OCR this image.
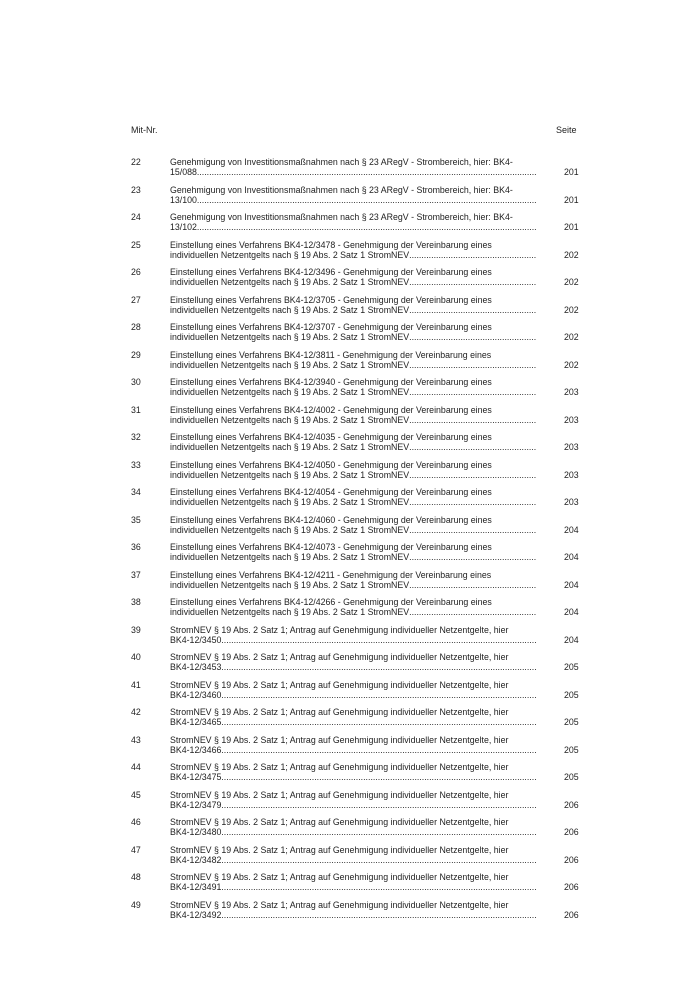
Mit-Nr.	Seite
22	Genehmigung von Investitionsmaßnahmen nach § 23 ARegV - Strombereich, hier: BK4-
15/088 .....	201
23	Genehmigung von Investitionsmaßnahmen nach § 23 ARegV - Strombereich, hier: BK4-
13/100 .....	201
24	Genehmigung von Investitionsmaßnahmen nach § 23 ARegV - Strombereich, hier: BK4-
13/102 .....	201
25	Einstellung eines Verfahrens BK4-12/3478 - Genehmigung der Vereinbarung eines
individuellen Netzentgelts nach § 19 Abs. 2 Satz 1 StromNEV .....	202
26	Einstellung eines Verfahrens BK4-12/3496 - Genehmigung der Vereinbarung eines
individuellen Netzentgelts nach § 19 Abs. 2 Satz 1 StromNEV .....	202
27	Einstellung eines Verfahrens BK4-12/3705 - Genehmigung der Vereinbarung eines
individuellen Netzentgelts nach § 19 Abs. 2 Satz 1 StromNEV .....	202
28	Einstellung eines Verfahrens BK4-12/3707 - Genehmigung der Vereinbarung eines
individuellen Netzentgelts nach § 19 Abs. 2 Satz 1 StromNEV .....	202
29	Einstellung eines Verfahrens BK4-12/3811 - Genehmigung der Vereinbarung eines
individuellen Netzentgelts nach § 19 Abs. 2 Satz 1 StromNEV .....	202
30	Einstellung eines Verfahrens BK4-12/3940 - Genehmigung der Vereinbarung eines
individuellen Netzentgelts nach § 19 Abs. 2 Satz 1 StromNEV .....	203
31	Einstellung eines Verfahrens BK4-12/4002 - Genehmigung der Vereinbarung eines
individuellen Netzentgelts nach § 19 Abs. 2 Satz 1 StromNEV .....	203
32	Einstellung eines Verfahrens BK4-12/4035 - Genehmigung der Vereinbarung eines
individuellen Netzentgelts nach § 19 Abs. 2 Satz 1 StromNEV .....	203
33	Einstellung eines Verfahrens BK4-12/4050 - Genehmigung der Vereinbarung eines
individuellen Netzentgelts nach § 19 Abs. 2 Satz 1 StromNEV .....	203
34	Einstellung eines Verfahrens BK4-12/4054 - Genehmigung der Vereinbarung eines
individuellen Netzentgelts nach § 19 Abs. 2 Satz 1 StromNEV .....	203
35	Einstellung eines Verfahrens BK4-12/4060 - Genehmigung der Vereinbarung eines
individuellen Netzentgelts nach § 19 Abs. 2 Satz 1 StromNEV .....	204
36	Einstellung eines Verfahrens BK4-12/4073 - Genehmigung der Vereinbarung eines
individuellen Netzentgelts nach § 19 Abs. 2 Satz 1 StromNEV .....	204
37	Einstellung eines Verfahrens BK4-12/4211 - Genehmigung der Vereinbarung eines
individuellen Netzentgelts nach § 19 Abs. 2 Satz 1 StromNEV .....	204
38	Einstellung eines Verfahrens BK4-12/4266 - Genehmigung der Vereinbarung eines
individuellen Netzentgelts nach § 19 Abs. 2 Satz 1 StromNEV .....	204
39	StromNEV § 19 Abs. 2 Satz 1; Antrag auf Genehmigung individueller Netzentgelte, hier
BK4-12/3450 .....	204
40	StromNEV § 19 Abs. 2 Satz 1; Antrag auf Genehmigung individueller Netzentgelte, hier
BK4-12/3453 .....	205
41	StromNEV § 19 Abs. 2 Satz 1; Antrag auf Genehmigung individueller Netzentgelte, hier
BK4-12/3460 .....	205
42	StromNEV § 19 Abs. 2 Satz 1; Antrag auf Genehmigung individueller Netzentgelte, hier
BK4-12/3465 .....	205
43	StromNEV § 19 Abs. 2 Satz 1; Antrag auf Genehmigung individueller Netzentgelte, hier
BK4-12/3466 .....	205
44	StromNEV § 19 Abs. 2 Satz 1; Antrag auf Genehmigung individueller Netzentgelte, hier
BK4-12/3475 .....	205
45	StromNEV § 19 Abs. 2 Satz 1; Antrag auf Genehmigung individueller Netzentgelte, hier
BK4-12/3479 .....	206
46	StromNEV § 19 Abs. 2 Satz 1; Antrag auf Genehmigung individueller Netzentgelte, hier
BK4-12/3480 .....	206
47	StromNEV § 19 Abs. 2 Satz 1; Antrag auf Genehmigung individueller Netzentgelte, hier
BK4-12/3482 .....	206
48	StromNEV § 19 Abs. 2 Satz 1; Antrag auf Genehmigung individueller Netzentgelte, hier
BK4-12/3491 .....	206
49	StromNEV § 19 Abs. 2 Satz 1; Antrag auf Genehmigung individueller Netzentgelte, hier
BK4-12/3492 .....	206
